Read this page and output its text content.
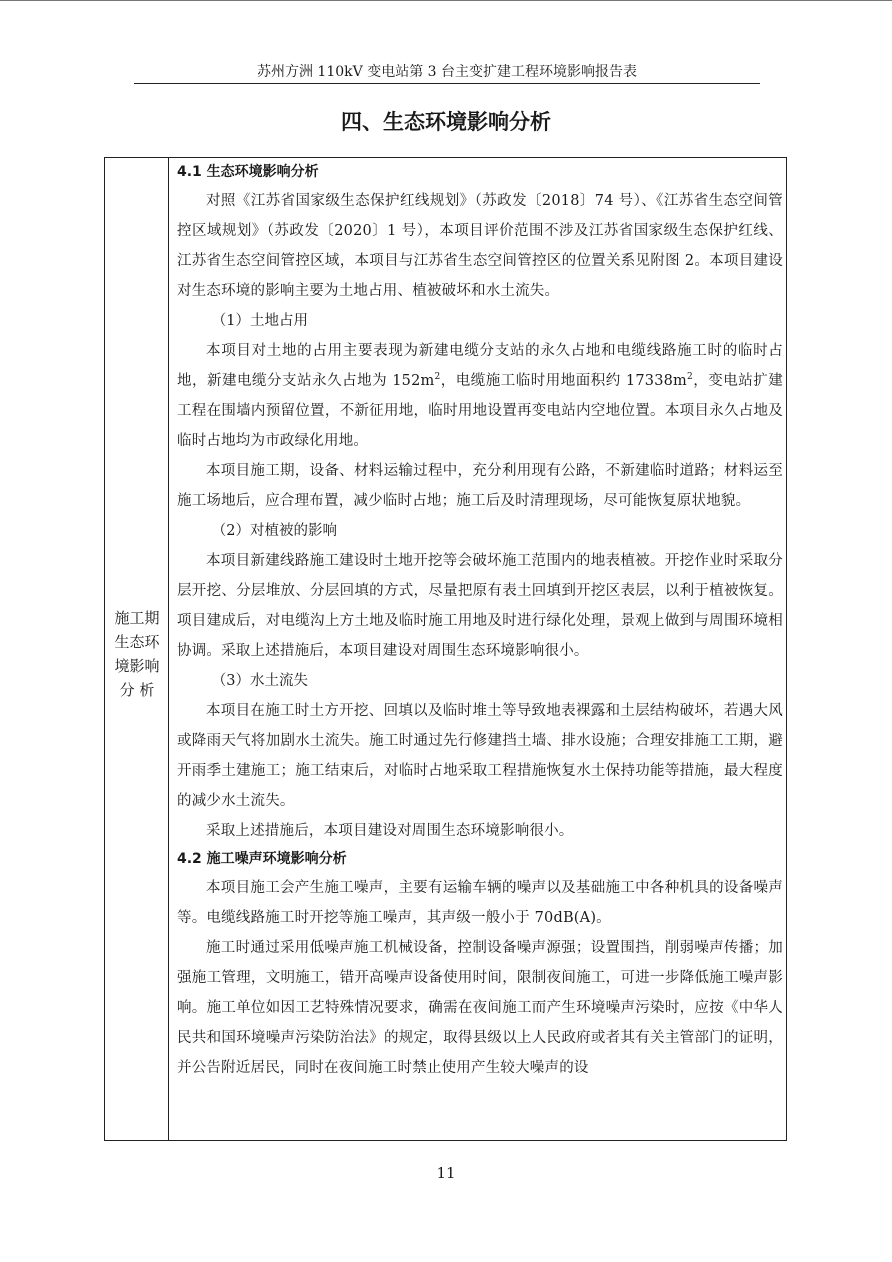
苏州方洲 110kV 变电站第 3 台主变扩建工程环境影响报告表
四、生态环境影响分析
施工期
生态环
境影响
分 析
4.1 生态环境影响分析

对照《江苏省国家级生态保护红线规划》（苏政发〔2018〕74 号）、《江苏省生态空间管控区域规划》（苏政发〔2020〕1 号），本项目评价范围不涉及江苏省国家级生态保护红线、江苏省生态空间管控区域，本项目与江苏省生态空间管控区的位置关系见附图 2。本项目建设对生态环境的影响主要为土地占用、植被破坏和水土流失。

（1）土地占用

本项目对土地的占用主要表现为新建电缆分支站的永久占地和电缆线路施工时的临时占地，新建电缆分支站永久占地为 $152m^2$，电缆施工临时用地面积约 $17338m^2$，变电站扩建工程在围墙内预留位置，不新征用地，临时用地设置再变电站内空地位置。本项目永久占地及临时占地均为市政绿化用地。

本项目施工期，设备、材料运输过程中，充分利用现有公路，不新建临时道路；材料运至施工场地后，应合理布置，减少临时占地；施工后及时清理现场，尽可能恢复原状地貌。

（2）对植被的影响

本项目新建线路施工建设时土地开挖等会破坏施工范围内的地表植被。开挖作业时采取分层开挖、分层堆放、分层回填的方式，尽量把原有表土回填到开挖区表层，以利于植被恢复。项目建成后，对电缆沟上方土地及临时施工用地及时进行绿化处理，景观上做到与周围环境相协调。采取上述措施后，本项目建设对周围生态环境影响很小。

（3）水土流失

本项目在施工时土方开挖、回填以及临时堆土等导致地表裸露和土层结构破坏，若遇大风或降雨天气将加剧水土流失。施工时通过先行修建挡土墙、排水设施；合理安排施工工期，避开雨季土建施工；施工结束后，对临时占地采取工程措施恢复水土保持功能等措施，最大程度的减少水土流失。

采取上述措施后，本项目建设对周围生态环境影响很小。

4.2 施工噪声环境影响分析

本项目施工会产生施工噪声，主要有运输车辆的噪声以及基础施工中各种机具的设备噪声等。电缆线路施工时开挖等施工噪声，其声级一般小于 70dB(A)。

施工时通过采用低噪声施工机械设备，控制设备噪声源强；设置围挡，削弱噪声传播；加强施工管理，文明施工，错开高噪声设备使用时间，限制夜间施工，可进一步降低施工噪声影响。施工单位如因工艺特殊情况要求，确需在夜间施工而产生环境噪声污染时，应按《中华人民共和国环境噪声污染防治法》的规定，取得县级以上人民政府或者其有关主管部门的证明，并公告附近居民，同时在夜间施工时禁止使用产生较大噪声的设

11
